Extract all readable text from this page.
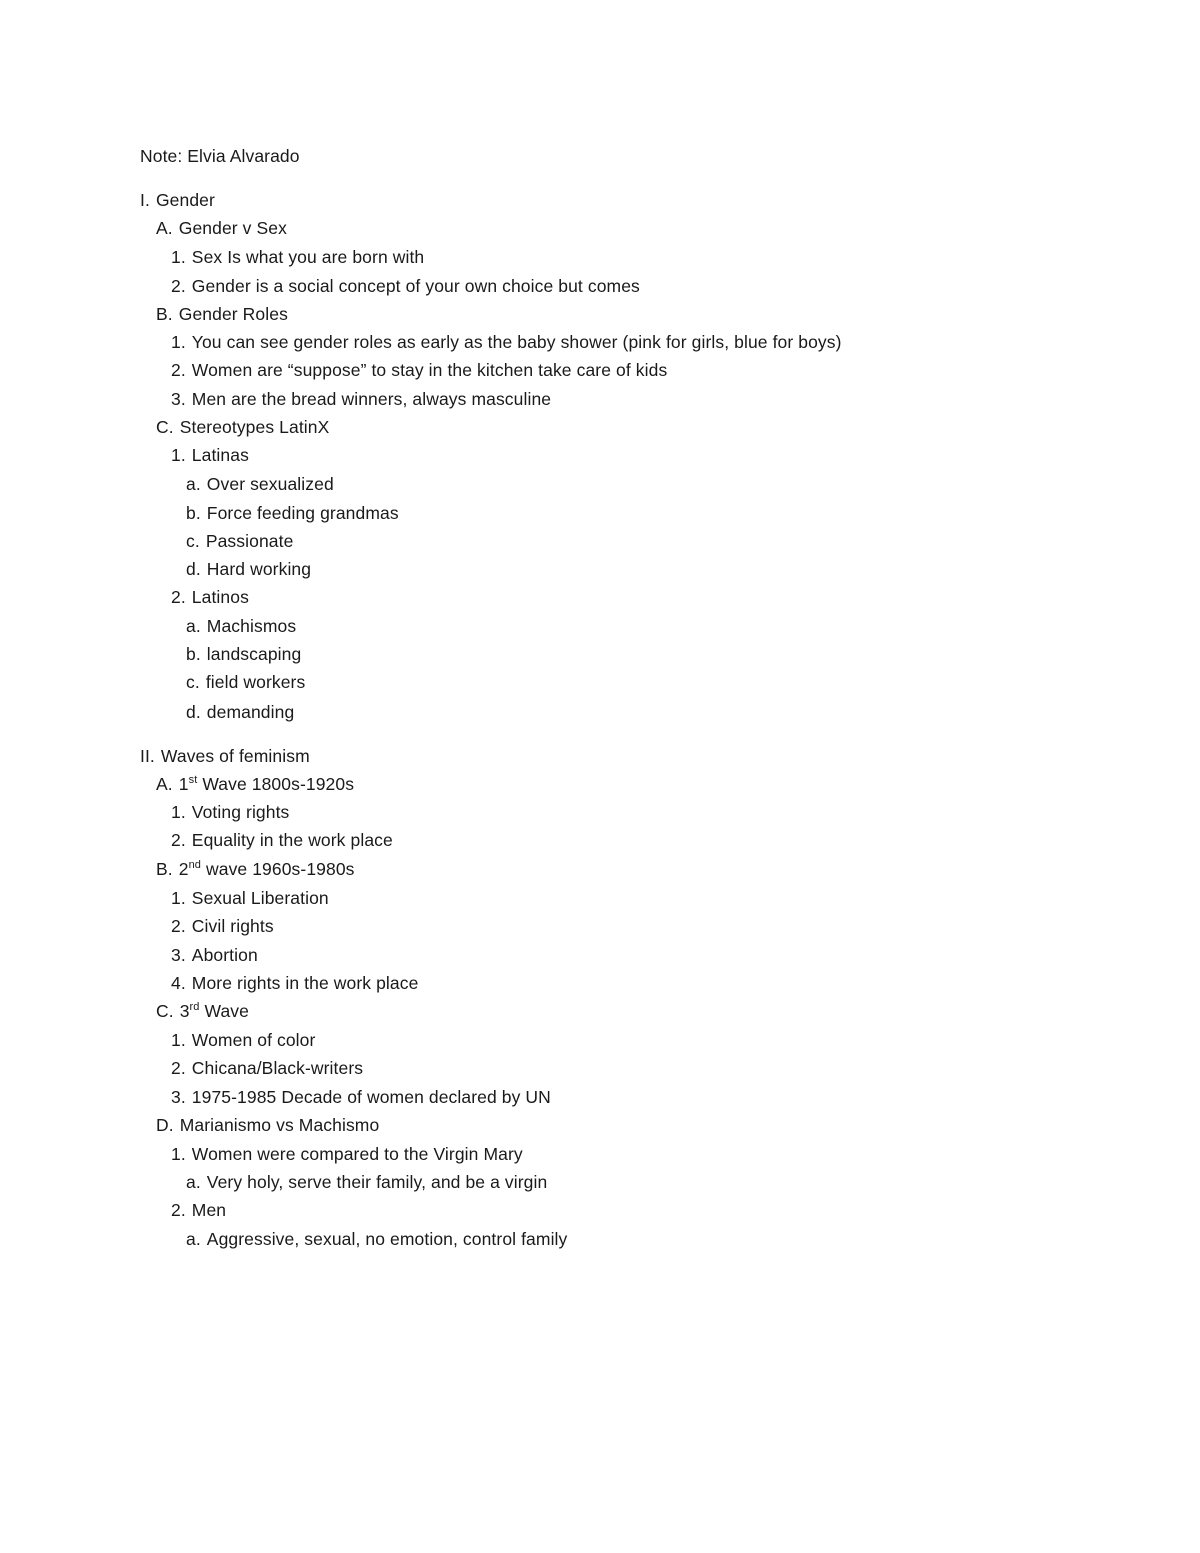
Note: Elvia Alvarado
I. Gender
A. Gender v Sex
1. Sex Is what you are born with
2. Gender is a social concept of your own choice but comes
B. Gender Roles
1. You can see gender roles as early as the baby shower (pink for girls, blue for boys)
2. Women are “suppose” to stay in the kitchen take care of kids
3. Men are the bread winners, always masculine
C. Stereotypes LatinX
1. Latinas
a. Over sexualized
b. Force feeding grandmas
c. Passionate
d. Hard working
2. Latinos
a. Machismos
b. landscaping
c. field workers
d. demanding
II. Waves of feminism
A. 1st Wave 1800s-1920s
1. Voting rights
2. Equality in the work place
B. 2nd wave 1960s-1980s
1. Sexual Liberation
2. Civil rights
3. Abortion
4. More rights in the work place
C. 3rd Wave
1. Women of color
2. Chicana/Black-writers
3. 1975-1985 Decade of women declared by UN
D. Marianismo vs Machismo
1. Women were compared to the Virgin Mary
a. Very holy, serve their family, and be a virgin
2. Men
a. Aggressive, sexual, no emotion, control family
